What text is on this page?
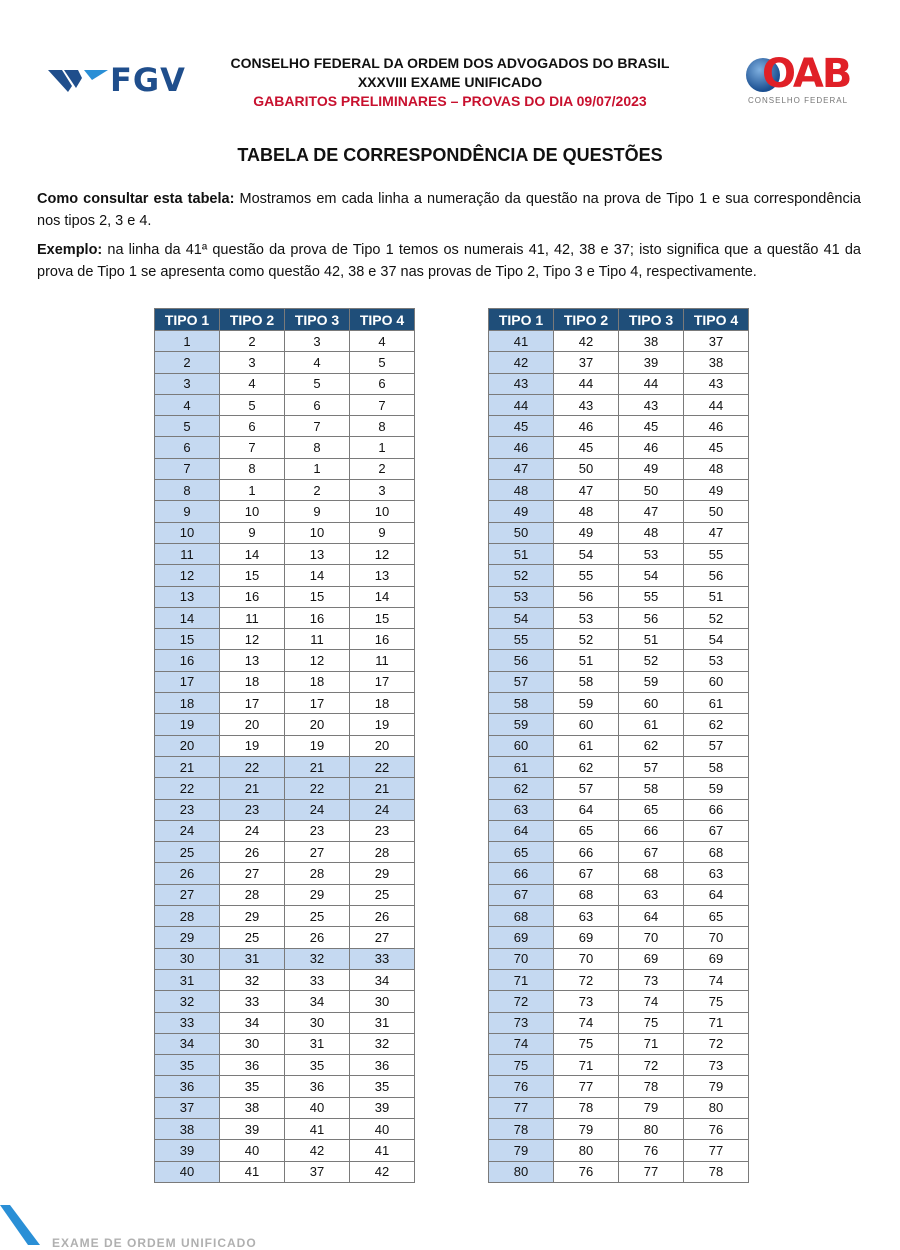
FGV	CONSELHO FEDERAL DA ORDEM DOS ADVOGADOS DO BRASIL
XXXVIII EXAME UNIFICADO
GABARITOS PRELIMINARES – PROVAS DO DIA 09/07/2023
OAB
CONSELHO FEDERAL
TABELA DE CORRESPONDÊNCIA DE QUESTÕES
Como consultar esta tabela: Mostramos em cada linha a numeração da questão na prova de Tipo 1 e sua correspondência nos tipos 2, 3 e 4.
Exemplo: na linha da 41ª questão da prova de Tipo 1 temos os numerais 41, 42, 38 e 37; isto significa que a questão 41 da prova de Tipo 1 se apresenta como questão 42, 38 e 37 nas provas de Tipo 2, Tipo 3 e Tipo 4, respectivamente.
TIPO 1	TIPO 2	TIPO 3	TIPO 4
1	2	3	4
2	3	4	5
3	4	5	6
4	5	6	7
5	6	7	8
6	7	8	1
7	8	1	2
8	1	2	3
9	10	9	10
10	9	10	9
11	14	13	12
12	15	14	13
13	16	15	14
14	11	16	15
15	12	11	16
16	13	12	11
17	18	18	17
18	17	17	18
19	20	20	19
20	19	19	20
21	22	21	22
22	21	22	21
23	23	24	24
24	24	23	23
25	26	27	28
26	27	28	29
27	28	29	25
28	29	25	26
29	25	26	27
30	31	32	33
31	32	33	34
32	33	34	30
33	34	30	31
34	30	31	32
35	36	35	36
36	35	36	35
37	38	40	39
38	39	41	40
39	40	42	41
40	41	37	42
TIPO 1	TIPO 2	TIPO 3	TIPO 4
41	42	38	37
42	37	39	38
43	44	44	43
44	43	43	44
45	46	45	46
46	45	46	45
47	50	49	48
48	47	50	49
49	48	47	50
50	49	48	47
51	54	53	55
52	55	54	56
53	56	55	51
54	53	56	52
55	52	51	54
56	51	52	53
57	58	59	60
58	59	60	61
59	60	61	62
60	61	62	57
61	62	57	58
62	57	58	59
63	64	65	66
64	65	66	67
65	66	67	68
66	67	68	63
67	68	63	64
68	63	64	65
69	69	70	70
70	70	69	69
71	72	73	74
72	73	74	75
73	74	75	71
74	75	71	72
75	71	72	73
76	77	78	79
77	78	79	80
78	79	80	76
79	80	76	77
80	76	77	78
EXAME DE ORDEM UNIFICADO
